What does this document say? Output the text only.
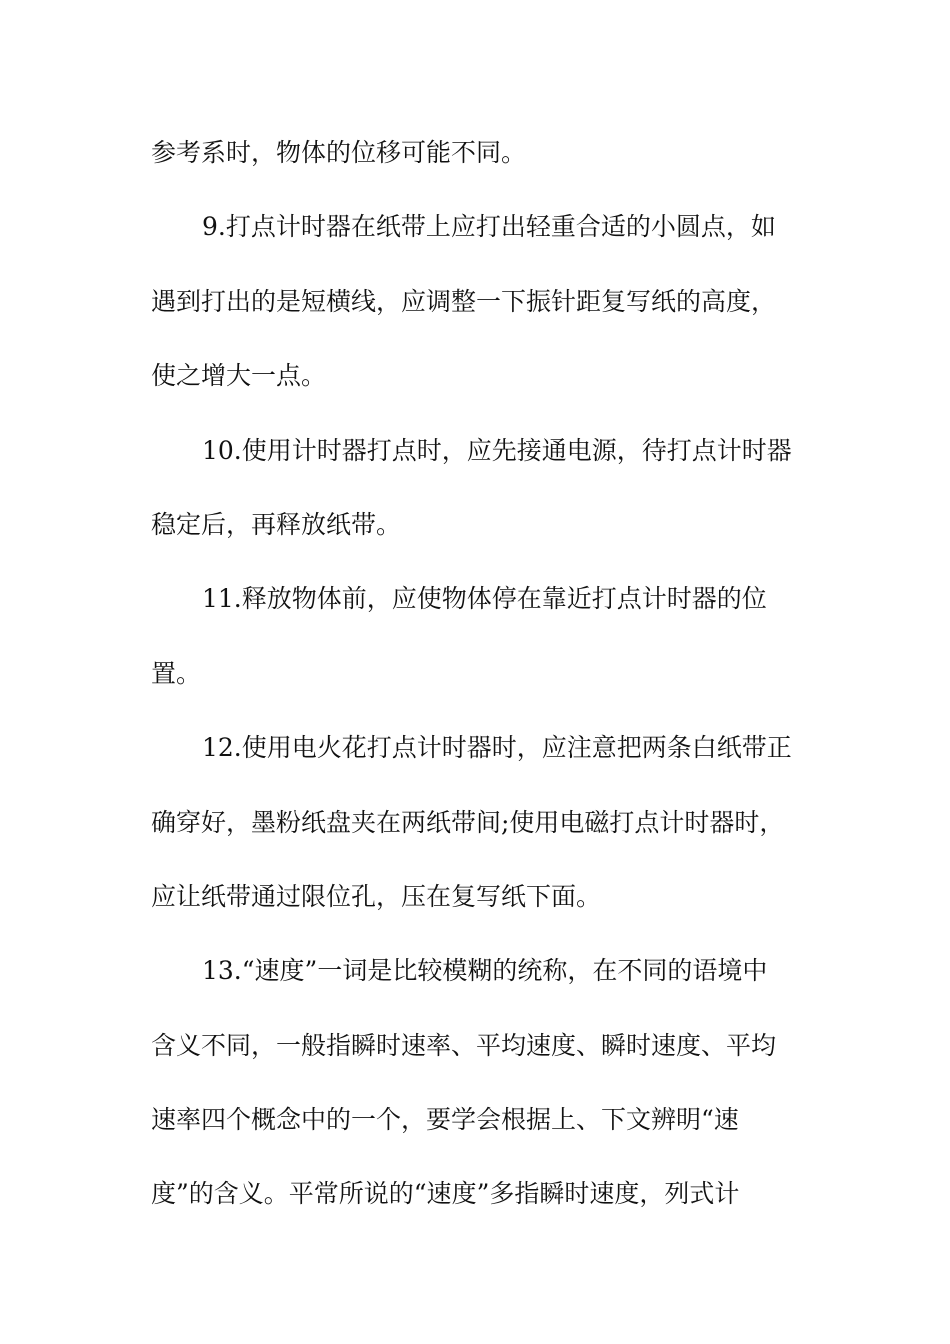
参考系时，物体的位移可能不同。
9.打点计时器在纸带上应打出轻重合适的小圆点，如
遇到打出的是短横线，应调整一下振针距复写纸的高度，
使之增大一点。
10.使用计时器打点时，应先接通电源，待打点计时器
稳定后，再释放纸带。
11.释放物体前，应使物体停在靠近打点计时器的位
置。
12.使用电火花打点计时器时，应注意把两条白纸带正
确穿好，墨粉纸盘夹在两纸带间;使用电磁打点计时器时，
应让纸带通过限位孔，压在复写纸下面。
13.“速度”一词是比较模糊的统称，在不同的语境中
含义不同，一般指瞬时速率、平均速度、瞬时速度、平均
速率四个概念中的一个，要学会根据上、下文辨明“速
度”的含义。平常所说的“速度”多指瞬时速度，列式计
